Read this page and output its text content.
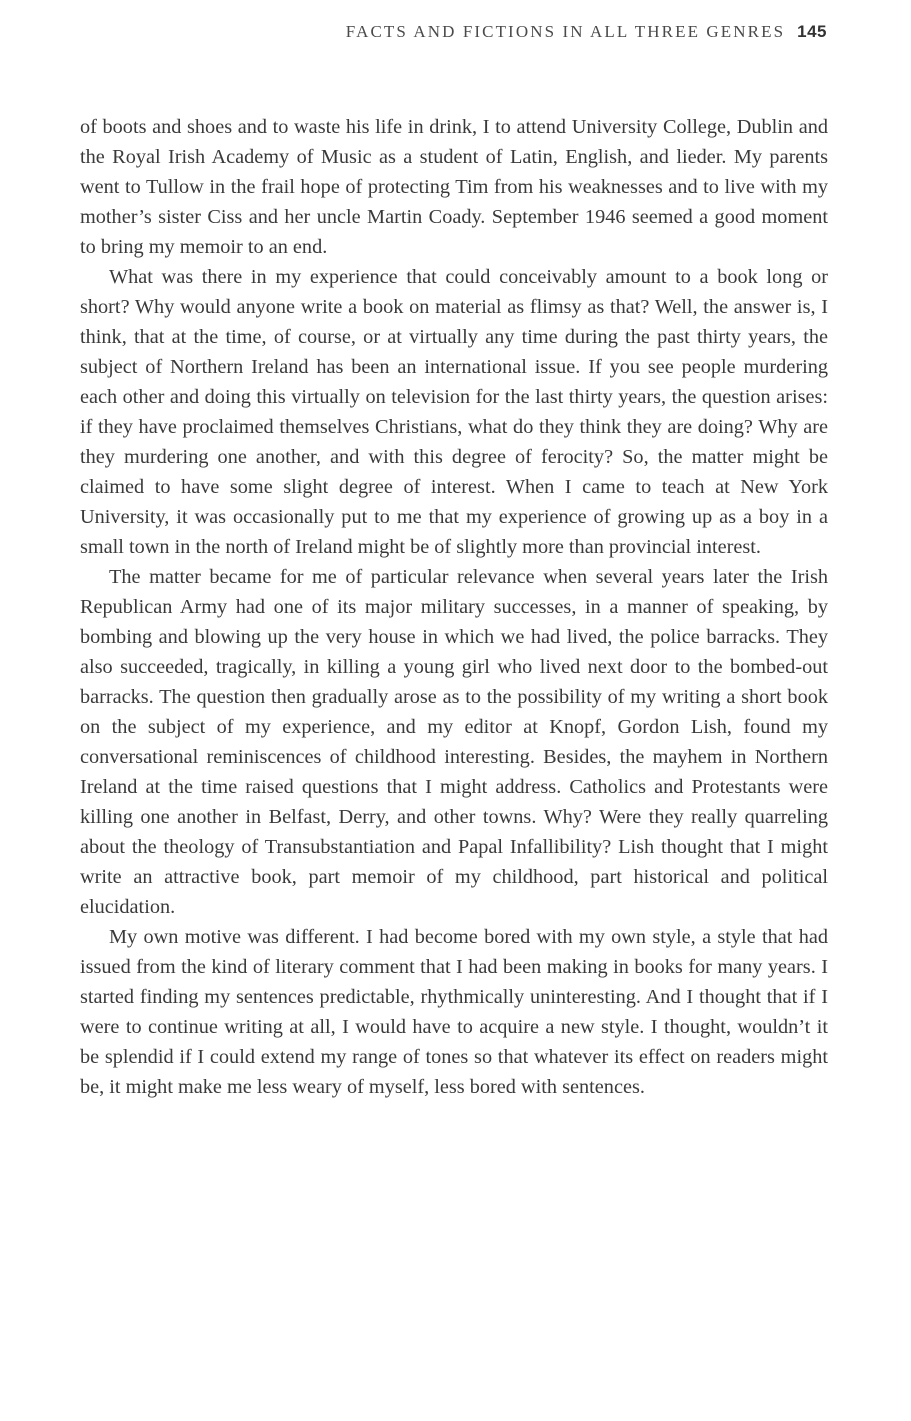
FACTS AND FICTIONS IN ALL THREE GENRES 145

of boots and shoes and to waste his life in drink, I to attend University College, Dublin and the Royal Irish Academy of Music as a student of Latin, English, and lieder. My parents went to Tullow in the frail hope of protecting Tim from his weaknesses and to live with my mother’s sister Ciss and her uncle Martin Coady. September 1946 seemed a good moment to bring my memoir to an end.

What was there in my experience that could conceivably amount to a book long or short? Why would anyone write a book on material as flimsy as that? Well, the answer is, I think, that at the time, of course, or at virtually any time during the past thirty years, the subject of Northern Ireland has been an international issue. If you see people murdering each other and doing this virtually on television for the last thirty years, the question arises: if they have proclaimed themselves Christians, what do they think they are doing? Why are they murdering one another, and with this degree of ferocity? So, the matter might be claimed to have some slight degree of interest. When I came to teach at New York University, it was occasionally put to me that my experience of growing up as a boy in a small town in the north of Ireland might be of slightly more than provincial interest.

The matter became for me of particular relevance when several years later the Irish Republican Army had one of its major military successes, in a manner of speaking, by bombing and blowing up the very house in which we had lived, the police barracks. They also succeeded, tragically, in killing a young girl who lived next door to the bombed-out barracks. The question then gradually arose as to the possibility of my writing a short book on the subject of my experience, and my editor at Knopf, Gordon Lish, found my conversational reminiscences of childhood interesting. Besides, the mayhem in Northern Ireland at the time raised questions that I might address. Catholics and Protestants were killing one another in Belfast, Derry, and other towns. Why? Were they really quarreling about the theology of Transubstantiation and Papal Infallibility? Lish thought that I might write an attractive book, part memoir of my childhood, part historical and political elucidation.

My own motive was different. I had become bored with my own style, a style that had issued from the kind of literary comment that I had been making in books for many years. I started finding my sentences predictable, rhythmically uninteresting. And I thought that if I were to continue writing at all, I would have to acquire a new style. I thought, wouldn’t it be splendid if I could extend my range of tones so that whatever its effect on readers might be, it might make me less weary of myself, less bored with sentences.
